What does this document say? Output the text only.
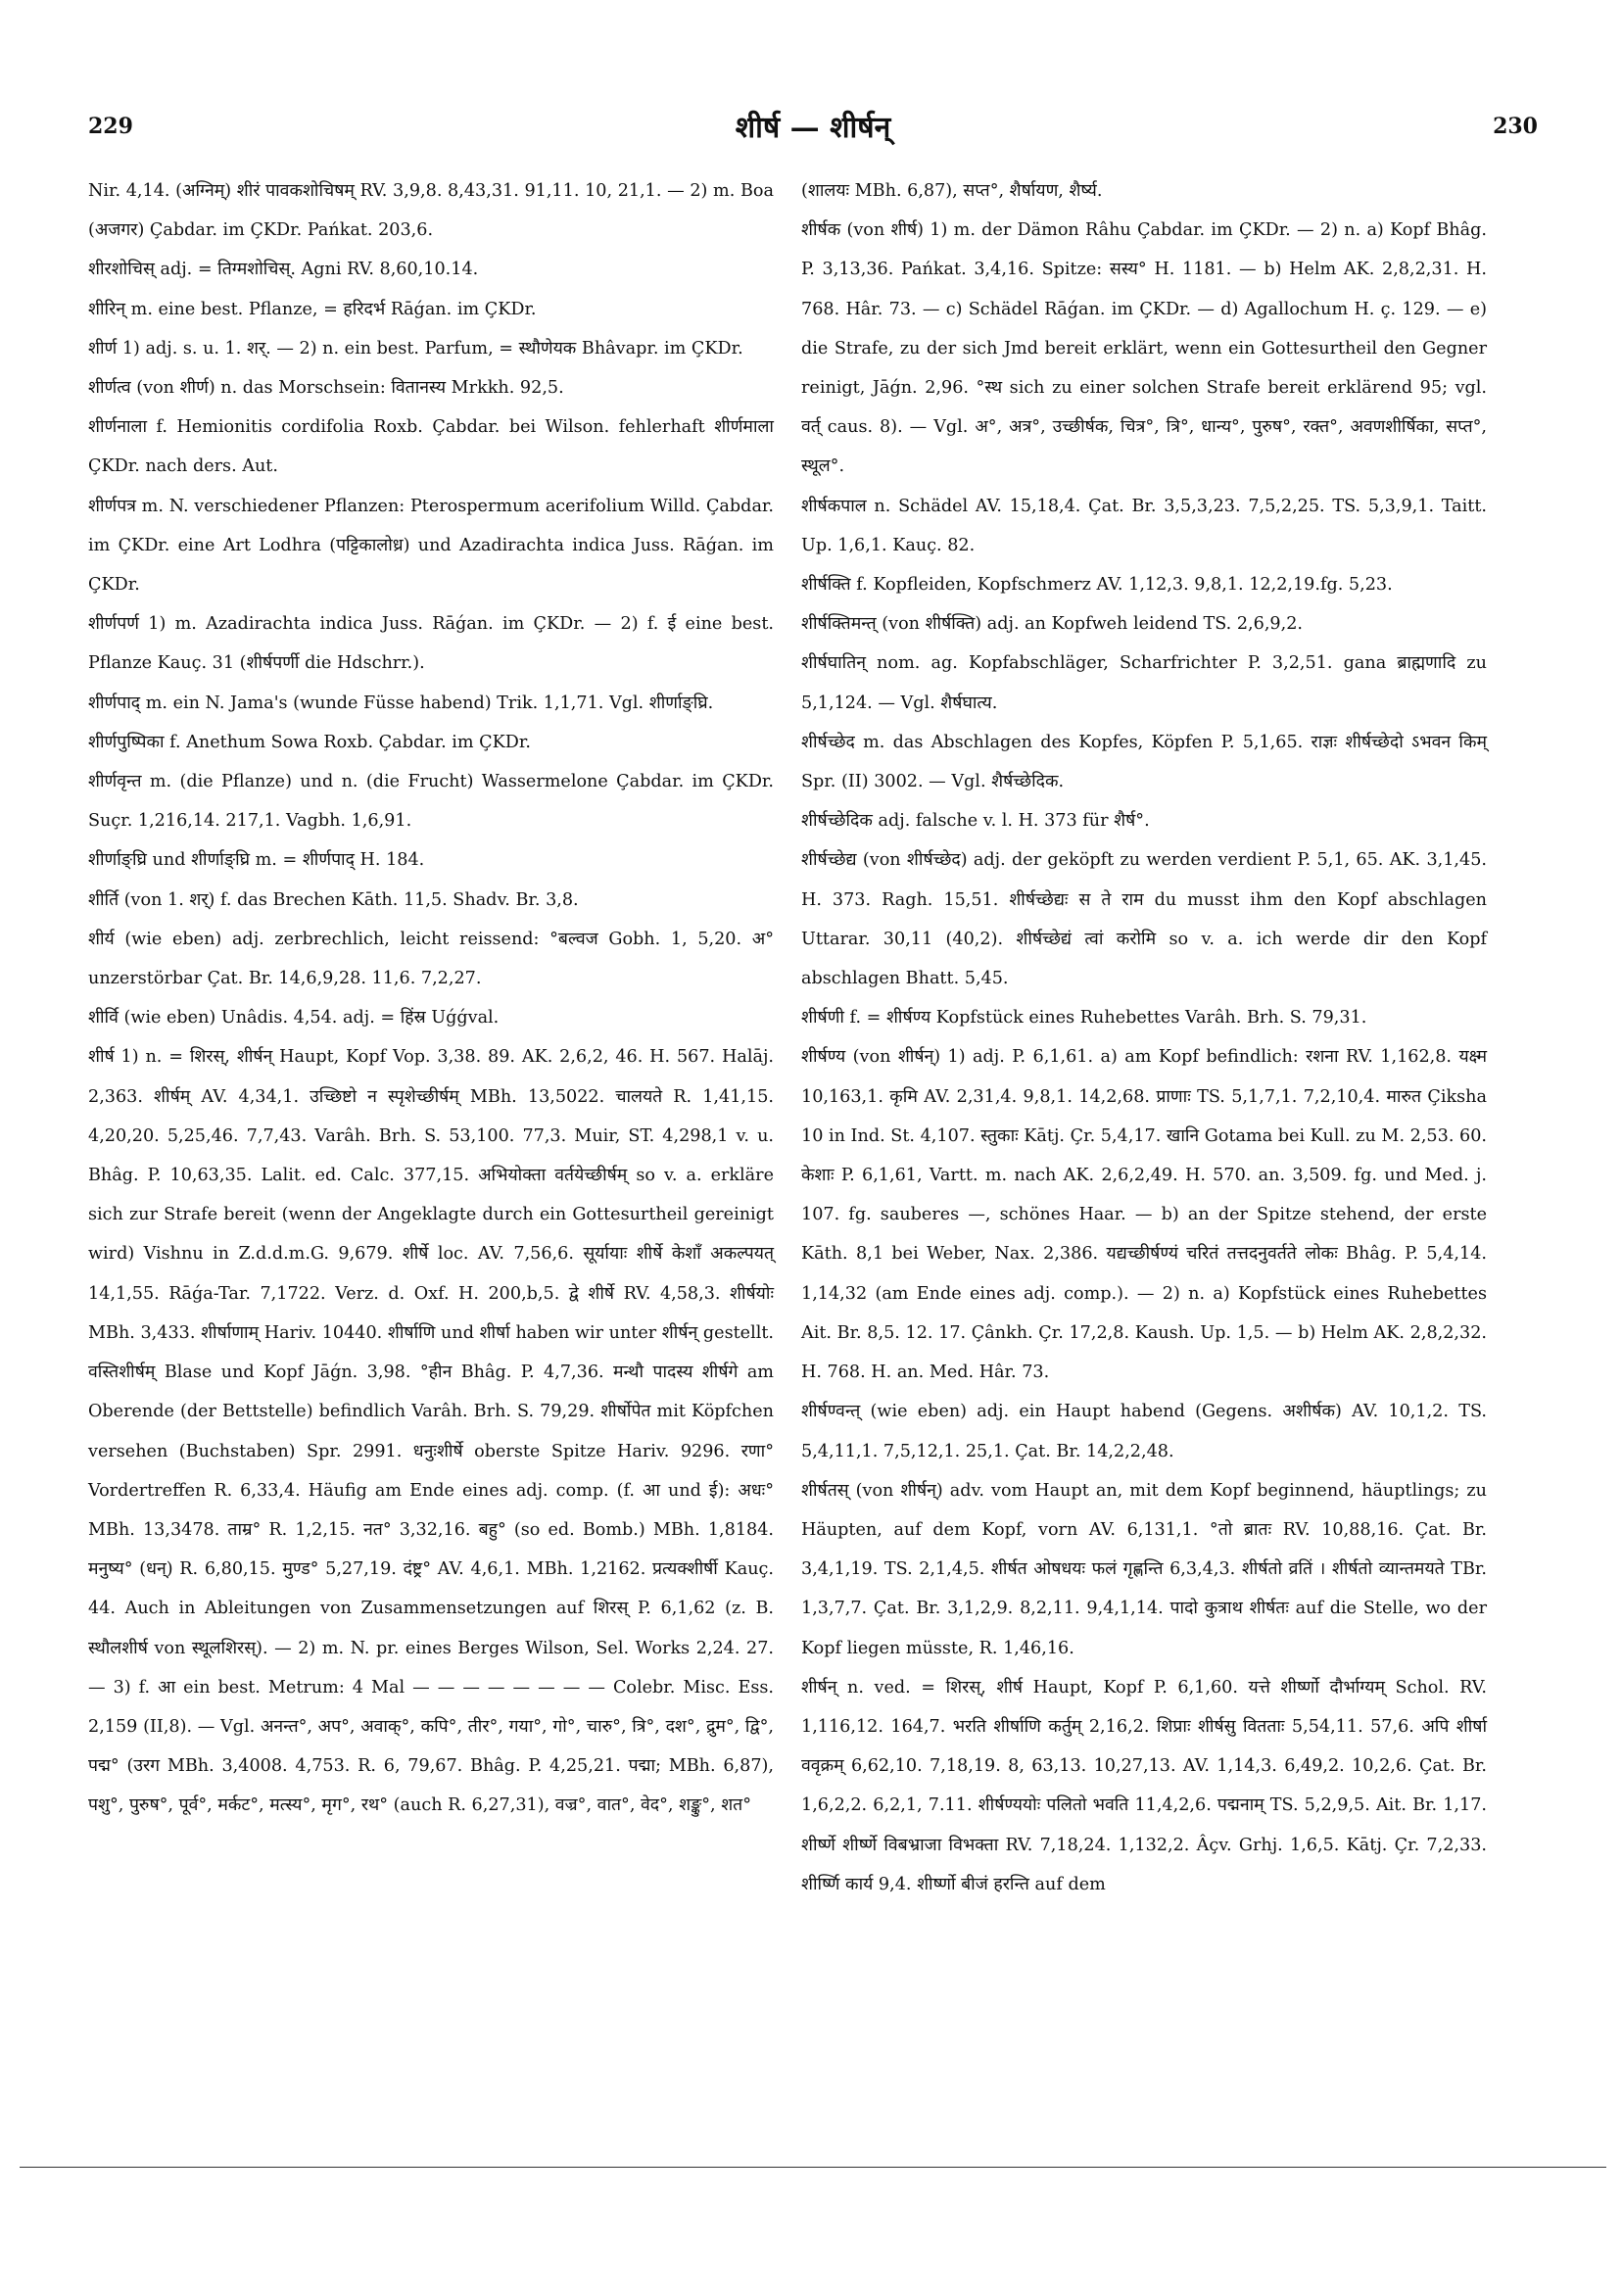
229	शीर्ष — शीर्षन्	230

Nir. 4,14. (अग्निम्) शीरं पावकशोचिषम् RV. 3,9,8. 8,43,31. 91,11. 10, 21,1. — 2) m. Boa (अजगर) Çabdar. im ÇKDr. Pańkat. 203,6.

शीरशोचिस् adj. = तिग्मशोचिस्. Agni RV. 8,60,10.14.

शीरिन् m. eine best. Pflanze, = हरिदर्भ Rāǵan. im ÇKDr.

शीर्ण 1) adj. s. u. 1. शर्. — 2) n. ein best. Parfum, = स्थौणेयक Bhâvapr. im ÇKDr.

शीर्णत्व (von शीर्ण) n. das Morschsein: वितानस्य Mrkkh. 92,5.

शीर्णनाला f. Hemionitis cordifolia Roxb. Çabdar. bei Wilson. fehlerhaft शीर्णमाला ÇKDr. nach ders. Aut.

शीर्णपत्र m. N. verschiedener Pflanzen: Pterospermum acerifolium Willd. Çabdar. im ÇKDr. eine Art Lodhra (पट्टिकालोध्र) und Azadirachta indica Juss. Rāǵan. im ÇKDr.

शीर्णपर्ण 1) m. Azadirachta indica Juss. Rāǵan. im ÇKDr. — 2) f. ई eine best. Pflanze Kauç. 31 (शीर्षपर्णी die Hdschrr.).

शीर्णपाद् m. ein N. Jama's (wunde Füsse habend) Trik. 1,1,71. Vgl. शीर्णाङ्घ्रि.

शीर्णपुष्पिका f. Anethum Sowa Roxb. Çabdar. im ÇKDr.

शीर्णवृन्त m. (die Pflanze) und n. (die Frucht) Wassermelone Çabdar. im ÇKDr. Suçr. 1,216,14. 217,1. Vagbh. 1,6,91.

शीर्णाङ्घ्रि und शीर्णाङ्घ्रि m. = शीर्णपाद् H. 184.

शीर्ति (von 1. शर्) f. das Brechen Kāth. 11,5. Shadv. Br. 3,8.

शीर्य (wie eben) adj. zerbrechlich, leicht reissend: °बल्वज Gobh. 1, 5,20. अ° unzerstörbar Çat. Br. 14,6,9,28. 11,6. 7,2,27.

शीर्वि (wie eben) Unâdis. 4,54. adj. = हिंस्र Uǵǵval.

शीर्ष 1) n. = शिरस्, शीर्षन् Haupt, Kopf Vop. 3,38. 89. AK. 2,6,2, 46. H. 567. Halāj. 2,363. शीर्षम् AV. 4,34,1. उच्छिष्टो न स्पृशेच्छीर्षम् MBh. 13,5022. चालयते R. 1,41,15. 4,20,20. 5,25,46. 7,7,43. Varâh. Brh. S. 53,100. 77,3. Muir, ST. 4,298,1 v. u. Bhâg. P. 10,63,35. Lalit. ed. Calc. 377,15. अभियोक्ता वर्तयेच्छीर्षम् so v. a. erkläre sich zur Strafe bereit (wenn der Angeklagte durch ein Gottesurtheil gereinigt wird) Vishnu in Z.d.d.m.G. 9,679. शीर्षे loc. AV. 7,56,6. सूर्यायाः शीर्षे केशाँ अकल्पयत् 14,1,55. Rāǵa-Tar. 7,1722. Verz. d. Oxf. H. 200,b,5. द्वे शीर्षे RV. 4,58,3. शीर्षयोः MBh. 3,433. शीर्षाणाम् Hariv. 10440. शीर्षाणि und शीर्षा haben wir unter शीर्षन् gestellt. वस्तिशीर्षम् Blase und Kopf Jāǵn. 3,98. °हीन Bhâg. P. 4,7,36. मन्थौ पादस्य शीर्षगे am Oberende (der Bettstelle) befindlich Varâh. Brh. S. 79,29. शीर्षोपेत mit Köpfchen versehen (Buchstaben) Spr. 2991. धनुःशीर्षे oberste Spitze Hariv. 9296. रणा° Vordertreffen R. 6,33,4. Häufig am Ende eines adj. comp. (f. आ und ई): अधः° MBh. 13,3478. ताम्र° R. 1,2,15. नत° 3,32,16. बहु° (so ed. Bomb.) MBh. 1,8184. मनुष्य° (धन्) R. 6,80,15. मुण्ड° 5,27,19. दंष्ट्र° AV. 4,6,1. MBh. 1,2162. प्रत्यक्शीर्षी Kauç. 44. Auch in Ableitungen von Zusammensetzungen auf शिरस् P. 6,1,62 (z. B. स्थौलशीर्ष von स्थूलशिरस्). — 2) m. N. pr. eines Berges Wilson, Sel. Works 2,24. 27. — 3) f. आ ein best. Metrum: 4 Mal — — — — — — — — Colebr. Misc. Ess. 2,159 (II,8). — Vgl. अनन्त°, अप°, अवाक्°, कपि°, तीर°, गया°, गो°, चारु°, त्रि°, दश°, द्रुम°, द्वि°, पद्म° (उरग MBh. 3,4008. 4,753. R. 6, 79,67. Bhâg. P. 4,25,21. पद्मा; MBh. 6,87), पशु°, पुरुष°, पूर्व°, मर्कट°, मत्स्य°, मृग°, रथ° (auch R. 6,27,31), वज्र°, वात°, वेद°, शङ्कु°, शत°

(शालयः MBh. 6,87), सप्त°, शैर्षायण, शैर्ष्य.

शीर्षक (von शीर्ष) 1) m. der Dämon Râhu Çabdar. im ÇKDr. — 2) n. a) Kopf Bhâg. P. 3,13,36. Pańkat. 3,4,16. Spitze: सस्य° H. 1181. — b) Helm AK. 2,8,2,31. H. 768. Hâr. 73. — c) Schädel Rāǵan. im ÇKDr. — d) Agallochum H. ç. 129. — e) die Strafe, zu der sich Jmd bereit erklärt, wenn ein Gottesurtheil den Gegner reinigt, Jāǵn. 2,96. °स्थ sich zu einer solchen Strafe bereit erklärend 95; vgl. वर्त् caus. 8). — Vgl. अ°, अत्र°, उच्छीर्षक, चित्र°, त्रि°, धान्य°, पुरुष°, रक्त°, अवणशीर्षिका, सप्त°, स्थूल°.

शीर्षकपाल n. Schädel AV. 15,18,4. Çat. Br. 3,5,3,23. 7,5,2,25. TS. 5,3,9,1. Taitt. Up. 1,6,1. Kauç. 82.

शीर्षक्ति f. Kopfleiden, Kopfschmerz AV. 1,12,3. 9,8,1. 12,2,19.fg. 5,23.

शीर्षक्तिमन्त् (von शीर्षक्ति) adj. an Kopfweh leidend TS. 2,6,9,2.

शीर्षघातिन् nom. ag. Kopfabschläger, Scharfrichter P. 3,2,51. gana ब्राह्मणादि zu 5,1,124. — Vgl. शैर्षघात्य.

शीर्षच्छेद m. das Abschlagen des Kopfes, Köpfen P. 5,1,65. राज्ञः शीर्षच्छेदो ऽभवन किम् Spr. (II) 3002. — Vgl. शैर्षच्छेदिक.

शीर्षच्छेदिक adj. falsche v. l. H. 373 für शैर्ष°.

शीर्षच्छेद्य (von शीर्षच्छेद) adj. der geköpft zu werden verdient P. 5,1, 65. AK. 3,1,45. H. 373. Ragh. 15,51. शीर्षच्छेद्यः स ते राम du musst ihm den Kopf abschlagen Uttarar. 30,11 (40,2). शीर्षच्छेद्यं त्वां करोमि so v. a. ich werde dir den Kopf abschlagen Bhatt. 5,45.

शीर्षणी f. = शीर्षण्य Kopfstück eines Ruhebettes Varâh. Brh. S. 79,31.

शीर्षण्य (von शीर्षन्) 1) adj. P. 6,1,61. a) am Kopf befindlich: रशना RV. 1,162,8. यक्ष्म 10,163,1. कृमि AV. 2,31,4. 9,8,1. 14,2,68. प्राणाः TS. 5,1,7,1. 7,2,10,4. मारुत Çiksha 10 in Ind. St. 4,107. स्तुकाः Kātj. Çr. 5,4,17. खानि Gotama bei Kull. zu M. 2,53. 60. केशाः P. 6,1,61, Vartt. m. nach AK. 2,6,2,49. H. 570. an. 3,509. fg. und Med. j. 107. fg. sauberes —, schönes Haar. — b) an der Spitze stehend, der erste Kāth. 8,1 bei Weber, Nax. 2,386. यद्यच्छीर्षण्यं चरितं तत्तदनुवर्तते लोकः Bhâg. P. 5,4,14. 1,14,32 (am Ende eines adj. comp.). — 2) n. a) Kopfstück eines Ruhebettes Ait. Br. 8,5. 12. 17. Çânkh. Çr. 17,2,8. Kaush. Up. 1,5. — b) Helm AK. 2,8,2,32. H. 768. H. an. Med. Hâr. 73.

शीर्षण्वन्त् (wie eben) adj. ein Haupt habend (Gegens. अशीर्षक) AV. 10,1,2. TS. 5,4,11,1. 7,5,12,1. 25,1. Çat. Br. 14,2,2,48.

शीर्षतस् (von शीर्षन्) adv. vom Haupt an, mit dem Kopf beginnend, häuptlings; zu Häupten, auf dem Kopf, vorn AV. 6,131,1. °तो ब्रातः RV. 10,88,16. Çat. Br. 3,4,1,19. TS. 2,1,4,5. शीर्षत ओषधयः फलं गृह्णन्ति 6,3,4,3. शीर्षतो व्रतिं । शीर्षतो व्यान्तमयते TBr. 1,3,7,7. Çat. Br. 3,1,2,9. 8,2,11. 9,4,1,14. पादो कुत्राथ शीर्षतः auf die Stelle, wo der Kopf liegen müsste, R. 1,46,16.

शीर्षन् n. ved. = शिरस्, शीर्ष Haupt, Kopf P. 6,1,60. यत्ते शीर्ष्णो दौर्भाग्यम् Schol. RV. 1,116,12. 164,7. भरति शीर्षाणि कर्तुम् 2,16,2. शिप्राः शीर्षसु वितताः 5,54,11. 57,6. अपि शीर्षा ववृक्रम् 6,62,10. 7,18,19. 8, 63,13. 10,27,13. AV. 1,14,3. 6,49,2. 10,2,6. Çat. Br. 1,6,2,2. 6,2,1, 7.11. शीर्षण्ययोः पलितो भवति 11,4,2,6. पद्मनाम् TS. 5,2,9,5. Ait. Br. 1,17. शीर्ष्णे शीर्ष्णे विबभ्राजा विभक्ता RV. 7,18,24. 1,132,2. Âçv. Grhj. 1,6,5. Kātj. Çr. 7,2,33. शीर्ष्णि कार्य 9,4. शीर्ष्णो बीजं हरन्ति auf dem
